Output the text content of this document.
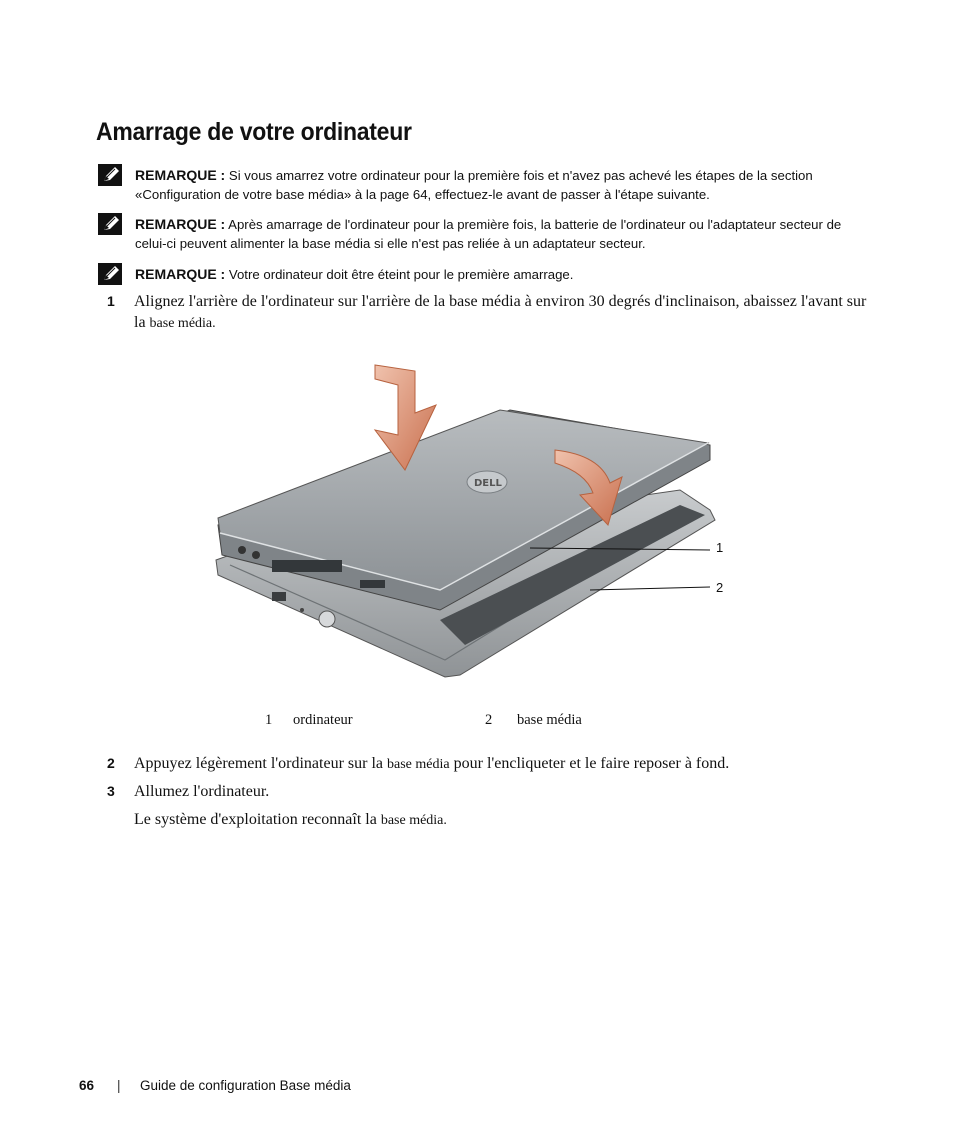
Amarrage de votre ordinateur
REMARQUE : Si vous amarrez votre ordinateur pour la première fois et n'avez pas achevé les étapes de la section «Configuration de votre base média» à la page 64, effectuez-le avant de passer à l'étape suivante.
REMARQUE : Après amarrage de l'ordinateur pour la première fois, la batterie de l'ordinateur ou l'adaptateur secteur de celui-ci peuvent alimenter la base média si elle n'est pas reliée à un adaptateur secteur.
REMARQUE : Votre ordinateur doit être éteint pour le première amarrage.
1 Alignez l'arrière de l'ordinateur sur l'arrière de la base média à environ 30 degrés d'inclinaison, abaissez l'avant sur la base média.
DELL
1
2
1 ordinateur	2 base média
2 Appuyez légèrement l'ordinateur sur la base média pour l'encliqueter et le faire reposer à fond.
3 Allumez l'ordinateur.
Le système d'exploitation reconnaît la base média.
66 | Guide de configuration Base média
